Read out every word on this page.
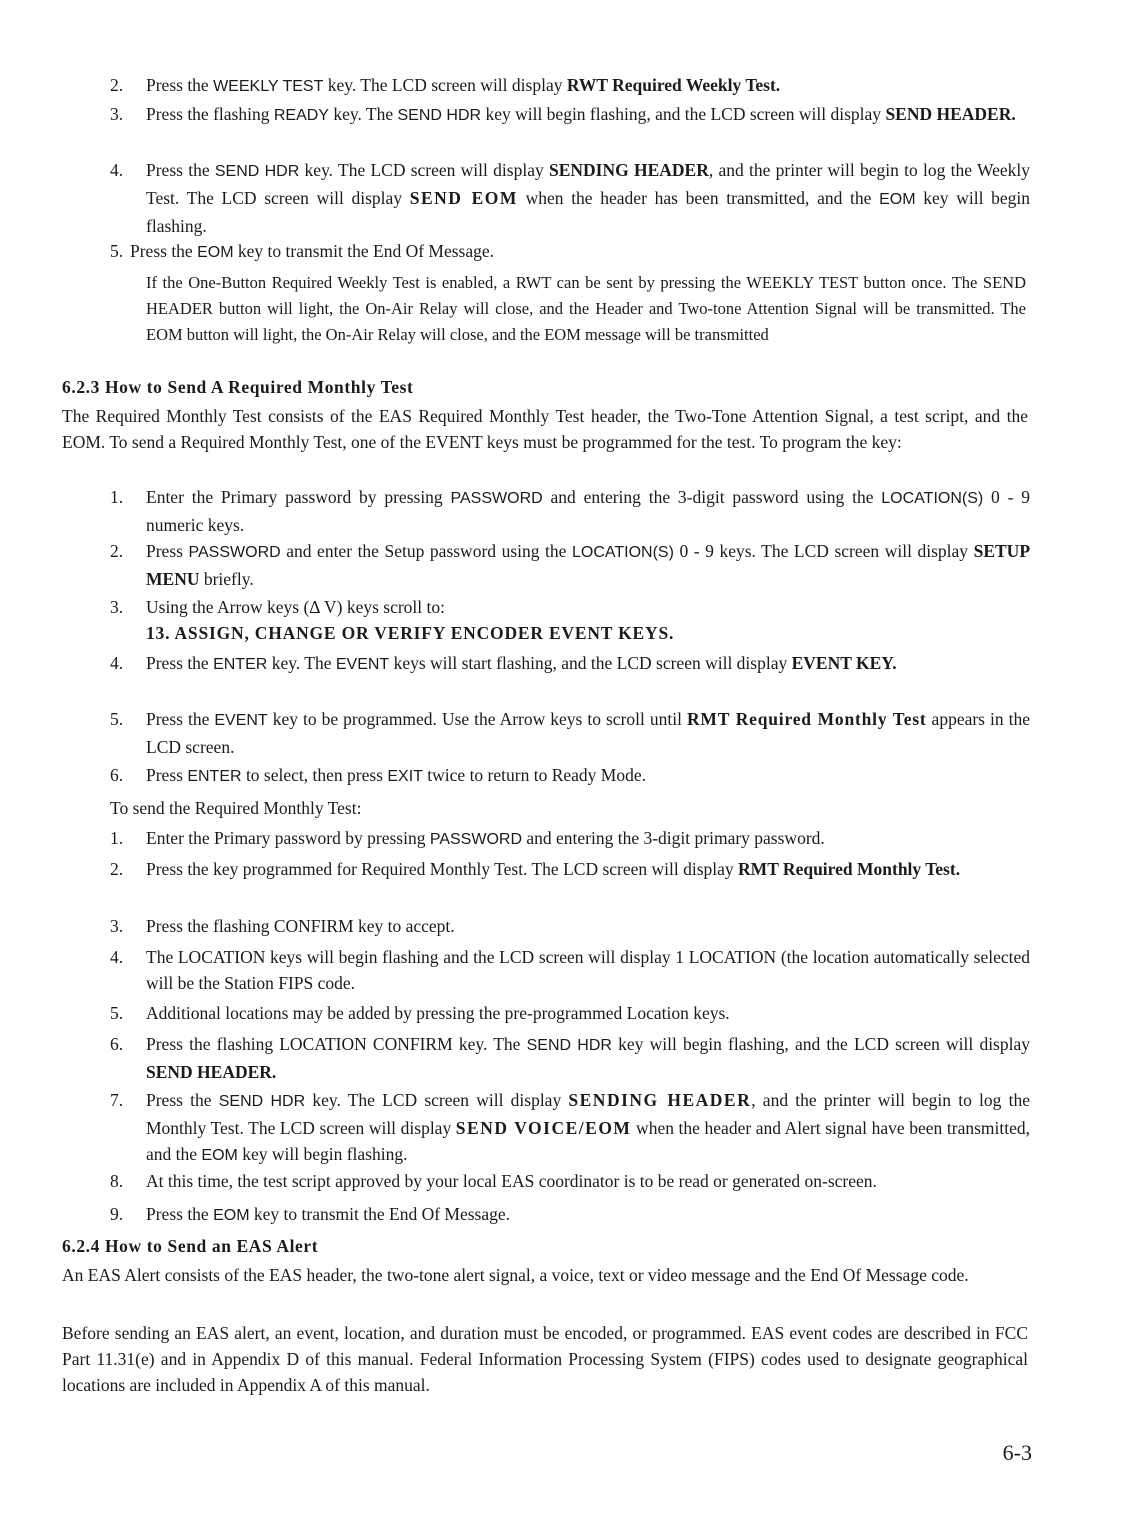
2.	Press the WEEKLY TEST key. The LCD screen will display RWT Required Weekly Test.
3.	Press the flashing READY key. The SEND HDR key will begin flashing, and the LCD screen will display SEND HEADER.
4.	Press the SEND HDR key. The LCD screen will display SENDING HEADER, and the printer will begin to log the Weekly Test. The LCD screen will display SEND EOM when the header has been transmitted, and the EOM key will begin flashing.
5. Press the EOM key to transmit the End Of Message.
If the One-Button Required Weekly Test is enabled, a RWT can be sent by pressing the WEEKLY TEST button once. The SEND HEADER button will light, the On-Air Relay will close, and the Header and Two-tone Attention Signal will be transmitted. The EOM button will light, the On-Air Relay will close, and the EOM message will be transmitted
6.2.3 How to Send A Required Monthly Test
The Required Monthly Test consists of the EAS Required Monthly Test header, the Two-Tone Attention Signal, a test script, and the EOM. To send a Required Monthly Test, one of the EVENT keys must be programmed for the test. To program the key:
1.	Enter the Primary password by pressing PASSWORD and entering the 3-digit password using the LOCATION(S) 0 - 9 numeric keys.
2.	Press PASSWORD and enter the Setup password using the LOCATION(S) 0 - 9 keys. The LCD screen will display SETUP MENU briefly.
3.	Using the Arrow keys (Δ V) keys scroll to:
13. ASSIGN, CHANGE OR VERIFY ENCODER EVENT KEYS.
4.	Press the ENTER key. The EVENT keys will start flashing, and the LCD screen will display EVENT KEY.
5.	Press the EVENT key to be programmed. Use the Arrow keys to scroll until RMT Required Monthly Test appears in the LCD screen.
6.	Press ENTER to select, then press EXIT twice to return to Ready Mode.
To send the Required Monthly Test:
1.	Enter the Primary password by pressing PASSWORD and entering the 3-digit primary password.
2.	Press the key programmed for Required Monthly Test. The LCD screen will display RMT Required Monthly Test.
3.	Press the flashing CONFIRM key to accept.
4.	The LOCATION keys will begin flashing and the LCD screen will display 1 LOCATION (the location automatically selected will be the Station FIPS code.
5.	Additional locations may be added by pressing the pre-programmed Location keys.
6.	Press the flashing LOCATION CONFIRM key. The SEND HDR key will begin flashing, and the LCD screen will display SEND HEADER.
7.	Press the SEND HDR key. The LCD screen will display SENDING HEADER, and the printer will begin to log the Monthly Test. The LCD screen will display SEND VOICE/EOM when the header and Alert signal have been transmitted, and the EOM key will begin flashing.
8.	At this time, the test script approved by your local EAS coordinator is to be read or generated on-screen.
9.	Press the EOM key to transmit the End Of Message.
6.2.4 How to Send an EAS Alert
An EAS Alert consists of the EAS header, the two-tone alert signal, a voice, text or video message and the End Of Message code.
Before sending an EAS alert, an event, location, and duration must be encoded, or programmed. EAS event codes are described in FCC Part 11.31(e) and in Appendix D of this manual. Federal Information Processing System (FIPS) codes used to designate geographical locations are included in Appendix A of this manual.
6-3
